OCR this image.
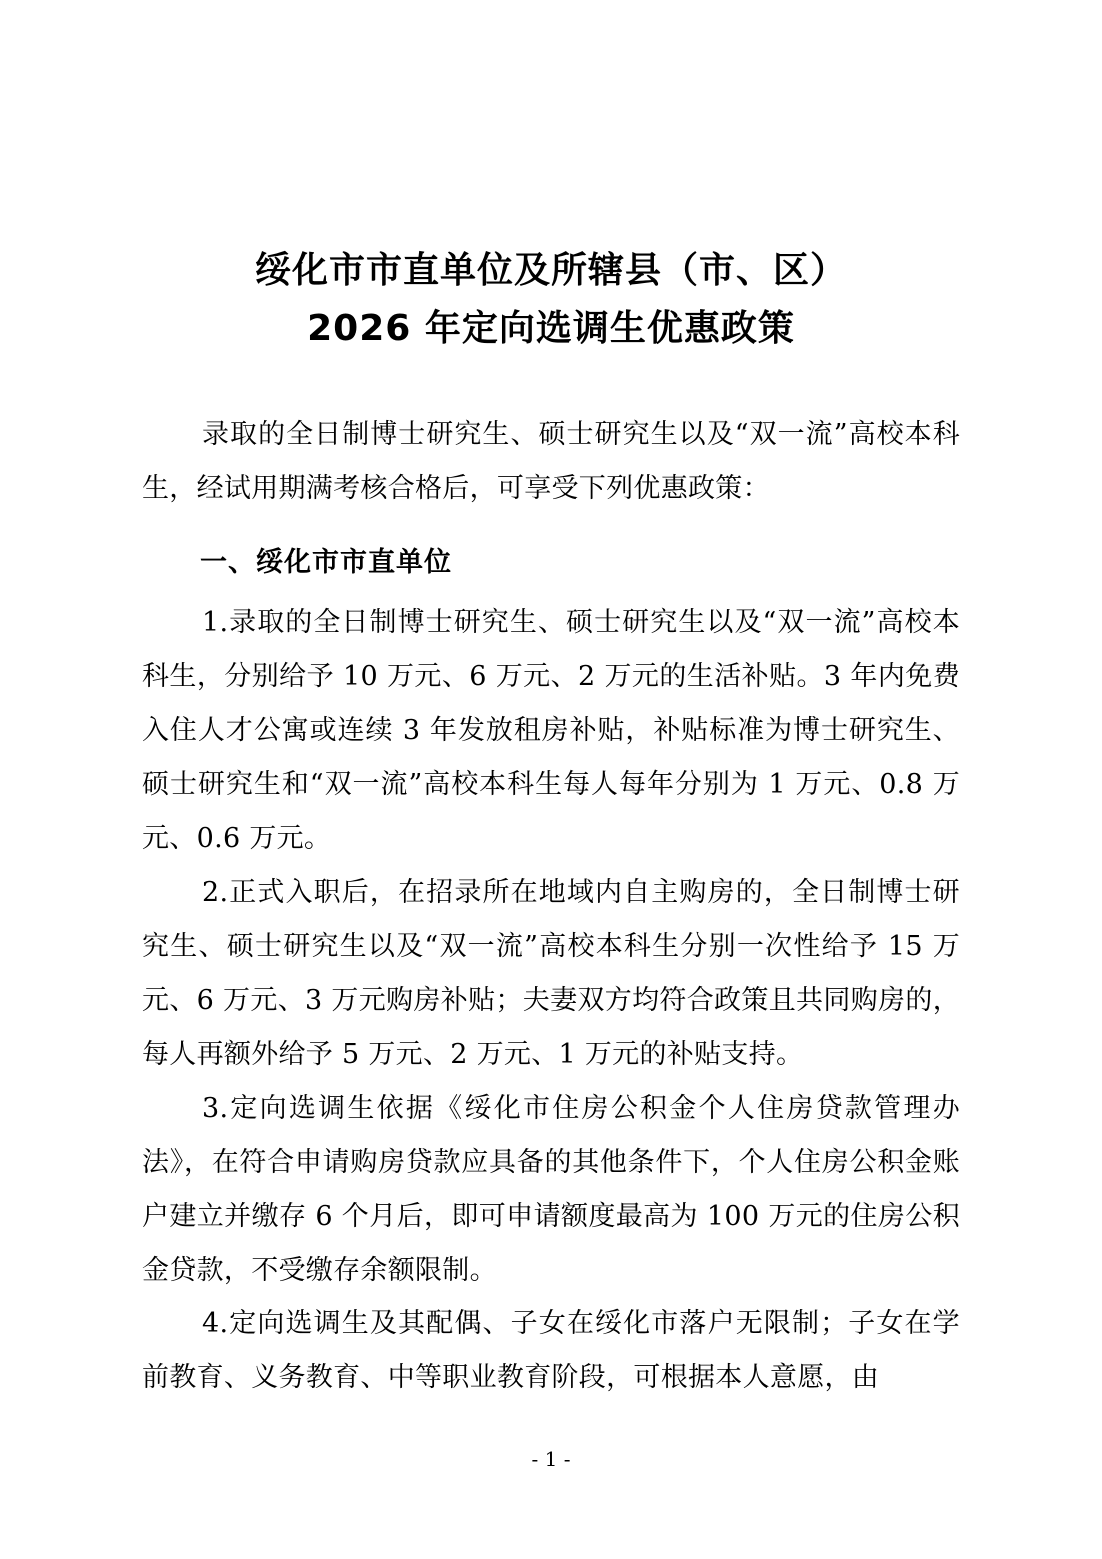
绥化市市直单位及所辖县（市、区）
2026 年定向选调生优惠政策

录取的全日制博士研究生、硕士研究生以及“双一流”高校本科生，经试用期满考核合格后，可享受下列优惠政策：

一、绥化市市直单位

1.录取的全日制博士研究生、硕士研究生以及“双一流”高校本科生，分别给予 10 万元、6 万元、2 万元的生活补贴。3 年内免费入住人才公寓或连续 3 年发放租房补贴，补贴标准为博士研究生、硕士研究生和“双一流”高校本科生每人每年分别为 1 万元、0.8 万元、0.6 万元。

2.正式入职后，在招录所在地域内自主购房的，全日制博士研究生、硕士研究生以及“双一流”高校本科生分别一次性给予 15 万元、6 万元、3 万元购房补贴；夫妻双方均符合政策且共同购房的，每人再额外给予 5 万元、2 万元、1 万元的补贴支持。

3.定向选调生依据《绥化市住房公积金个人住房贷款管理办法》，在符合申请购房贷款应具备的其他条件下，个人住房公积金账户建立并缴存 6 个月后，即可申请额度最高为 100 万元的住房公积金贷款，不受缴存余额限制。

4.定向选调生及其配偶、子女在绥化市落户无限制；子女在学前教育、义务教育、中等职业教育阶段，可根据本人意愿，由

- 1 -
